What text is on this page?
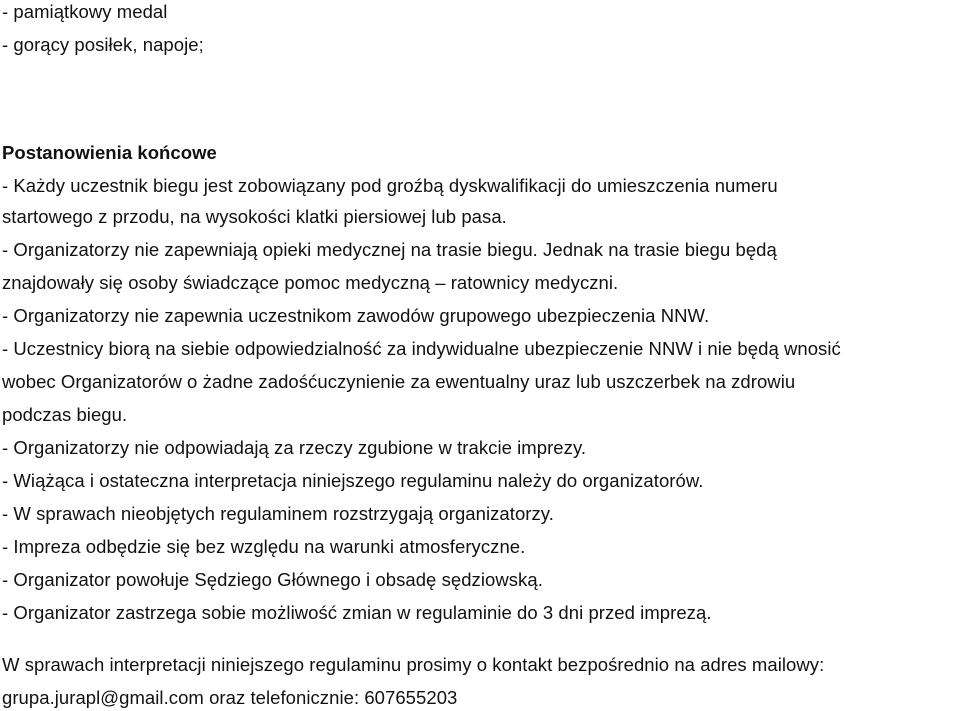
- pamiątkowy medal
- gorący posiłek, napoje;
Postanowienia końcowe
- Każdy uczestnik biegu jest zobowiązany pod groźbą dyskwalifikacji do umieszczenia numeru
startowego z przodu, na wysokości klatki piersiowej lub pasa.
- Organizatorzy nie zapewniają opieki medycznej na trasie biegu. Jednak na trasie biegu będą
znajdowały się osoby świadczące pomoc medyczną – ratownicy medyczni.
- Organizatorzy nie zapewnia uczestnikom zawodów grupowego ubezpieczenia NNW.
- Uczestnicy biorą na siebie odpowiedzialność za indywidualne ubezpieczenie NNW i nie będą wnosić
wobec Organizatorów o żadne zadośćuczynienie za ewentualny uraz lub uszczerbek na zdrowiu
podczas biegu.
- Organizatorzy nie odpowiadają za rzeczy zgubione w trakcie imprezy.
- Wiążąca i ostateczna interpretacja niniejszego regulaminu należy do organizatorów.
- W sprawach nieobjętych regulaminem rozstrzygają organizatorzy.
- Impreza odbędzie się bez względu na warunki atmosferyczne.
- Organizator powołuje Sędziego Głównego i obsadę sędziowską.
- Organizator zastrzega sobie możliwość zmian w regulaminie do 3 dni przed imprezą.
W sprawach interpretacji niniejszego regulaminu prosimy o kontakt bezpośrednio na adres mailowy:
grupa.jurapl@gmail.com oraz telefonicznie: 607655203
